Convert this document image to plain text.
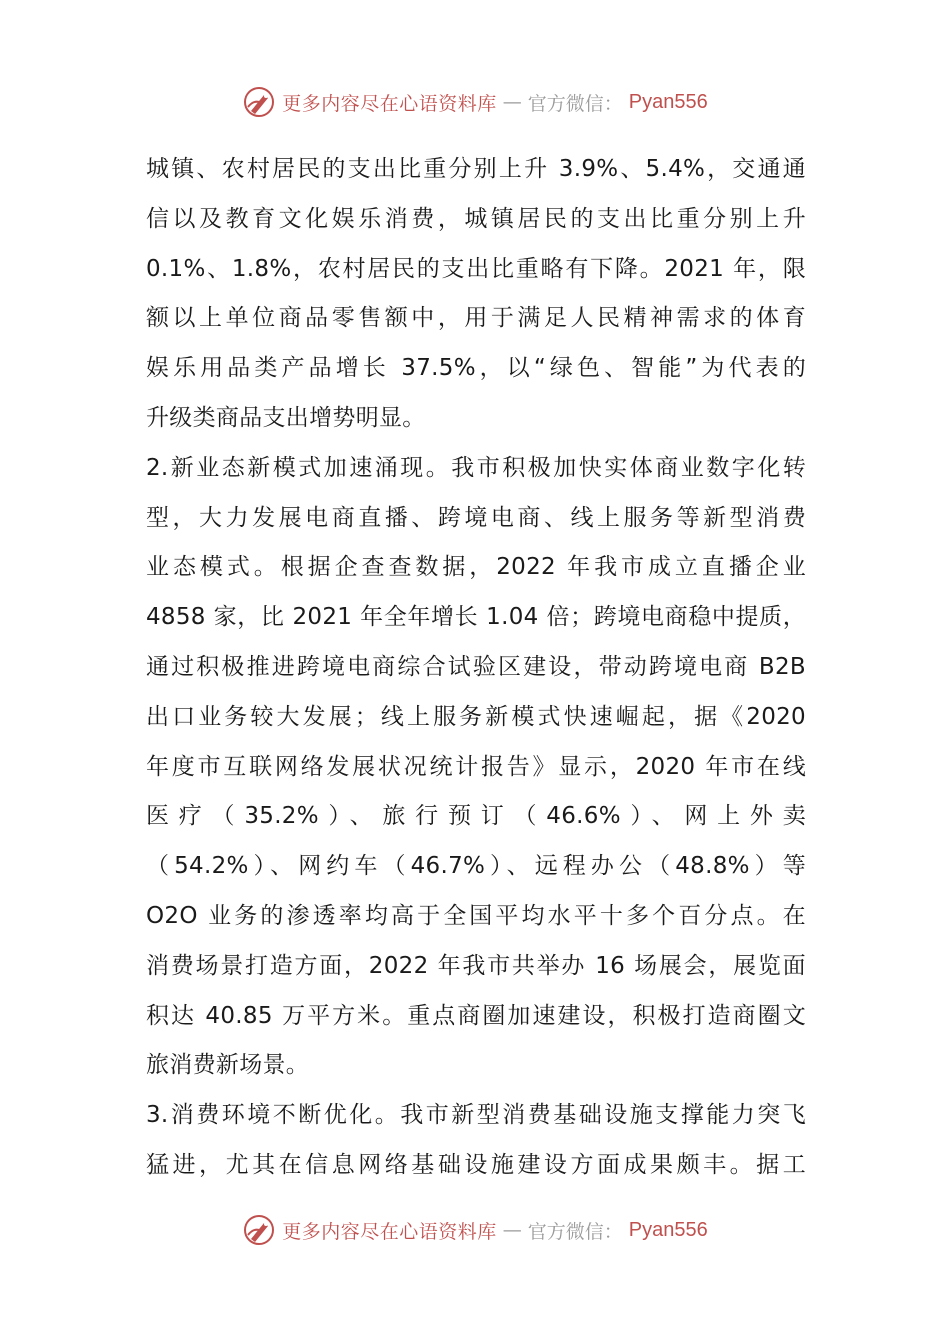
更多内容尽在心语资料库 — 官方微信： Pyan556
城镇、农村居民的支出比重分别上升 3.9%、5.4%，交通通
信以及教育文化娱乐消费，城镇居民的支出比重分别上升
0.1%、1.8%，农村居民的支出比重略有下降。2021 年，限
额以上单位商品零售额中，用于满足人民精神需求的体育
娱乐用品类产品增长 37.5%，以“绿色、智能”为代表的
升级类商品支出增势明显。
2.新业态新模式加速涌现。我市积极加快实体商业数字化转
型，大力发展电商直播、跨境电商、线上服务等新型消费
业态模式。根据企查查数据，2022 年我市成立直播企业
4858 家，比 2021 年全年增长 1.04 倍；跨境电商稳中提质，
通过积极推进跨境电商综合试验区建设，带动跨境电商 B2B
出口业务较大发展；线上服务新模式快速崛起，据《2020
年度市互联网络发展状况统计报告》显示，2020 年市在线
医疗（35.2%）、旅行预订（46.6%）、网上外卖
（54.2%）、网约车（46.7%）、远程办公（48.8%）等
O2O 业务的渗透率均高于全国平均水平十多个百分点。在
消费场景打造方面，2022 年我市共举办 16 场展会，展览面
积达 40.85 万平方米。重点商圈加速建设，积极打造商圈文
旅消费新场景。
3.消费环境不断优化。我市新型消费基础设施支撑能力突飞
猛进，尤其在信息网络基础设施建设方面成果颇丰。据工
更多内容尽在心语资料库 — 官方微信： Pyan556
